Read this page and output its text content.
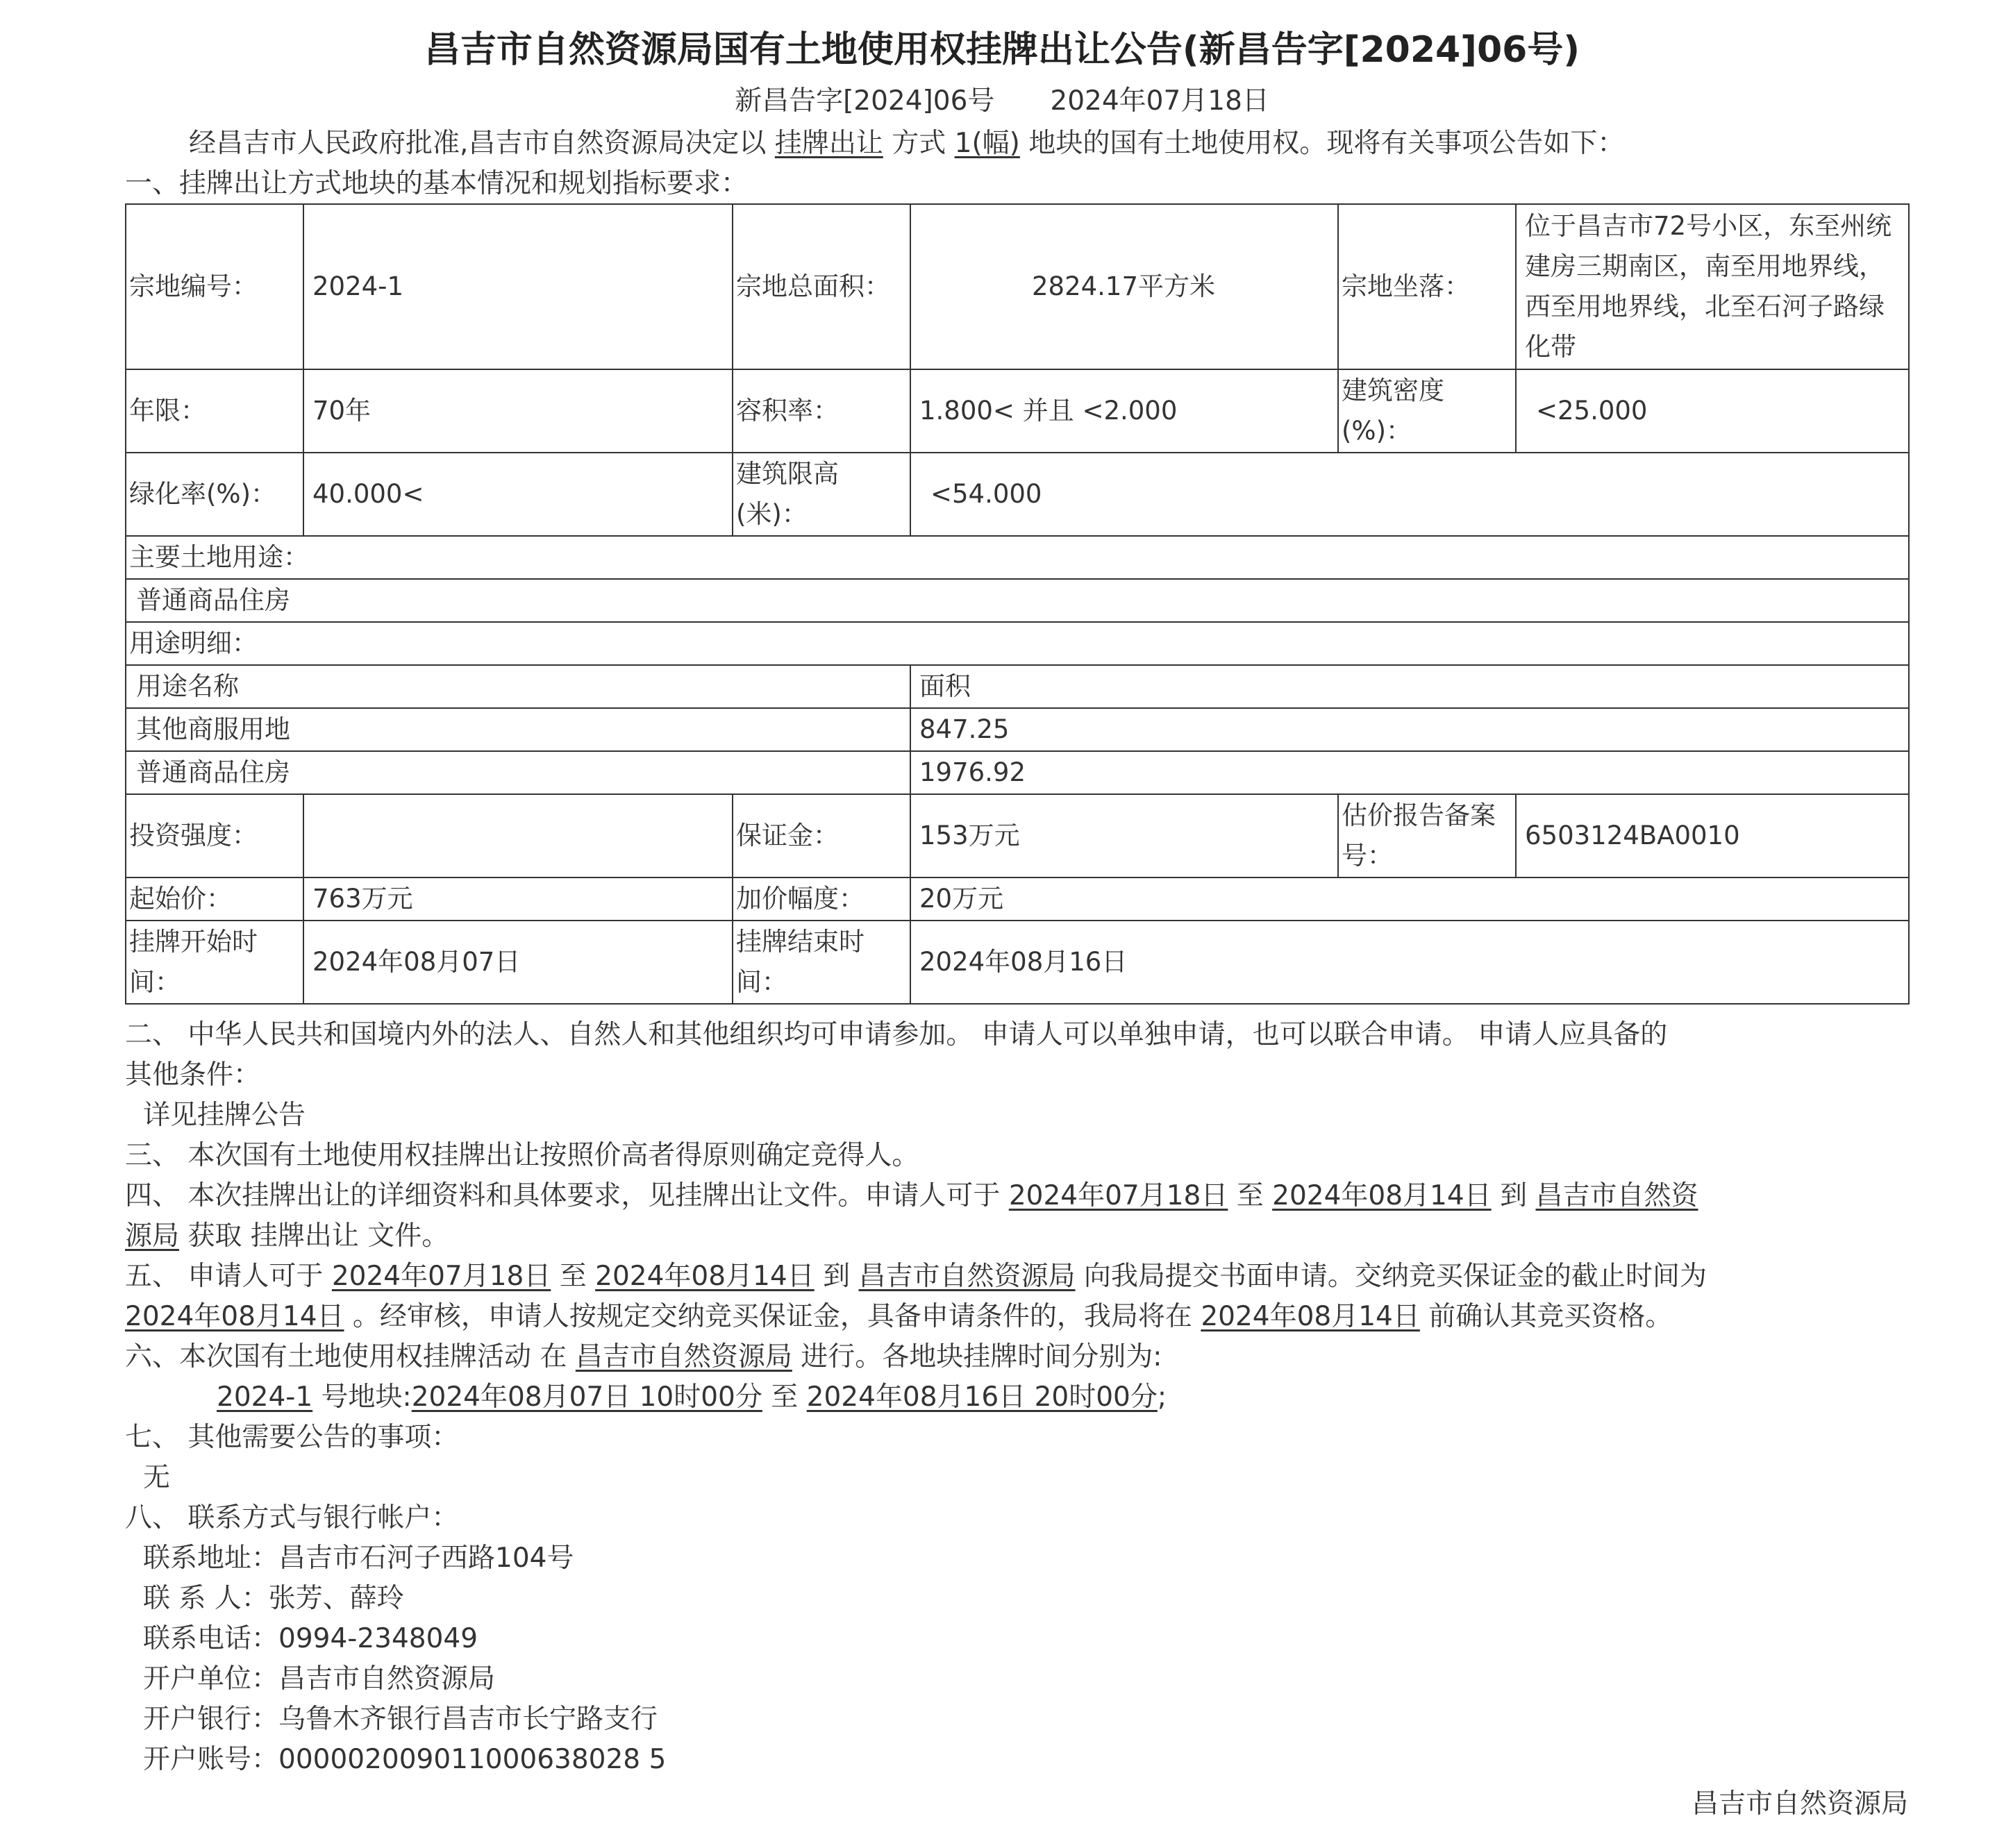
昌吉市自然资源局国有土地使用权挂牌出让公告(新昌告字[2024]06号)
新昌告字[2024]06号 2024年07月18日
经昌吉市人民政府批准,昌吉市自然资源局决定以 挂牌出让 方式 1(幅) 地块的国有土地使用权。现将有关事项公告如下：
一、挂牌出让方式地块的基本情况和规划指标要求：
宗地编号：	2024-1	宗地总面积：	2824.17平方米	宗地坐落：	位于昌吉市72号小区，东至州统建房三期南区，南至用地界线，西至用地界线，北至石河子路绿化带
年限：	70年	容积率：	1.800< 并且 <2.000	建筑密度(%)：	<25.000
绿化率(%)：	40.000<	建筑限高(米)：	<54.000		
主要土地用途：					
普通商品住房					
用途明细：					
用途名称			面积		
其他商服用地			847.25		
普通商品住房			1976.92		
投资强度：		保证金：	153万元	估价报告备案号：	6503124BA0010
起始价：	763万元	加价幅度：	20万元		
挂牌开始时间：	2024年08月07日	挂牌结束时间：	2024年08月16日		
二、 中华人民共和国境内外的法人、自然人和其他组织均可申请参加。 申请人可以单独申请，也可以联合申请。 申请人应具备的
其他条件：
详见挂牌公告
三、 本次国有土地使用权挂牌出让按照价高者得原则确定竞得人。
四、 本次挂牌出让的详细资料和具体要求，见挂牌出让文件。申请人可于 2024年07月18日 至 2024年08月14日 到 昌吉市自然资
源局 获取 挂牌出让 文件。
五、 申请人可于 2024年07月18日 至 2024年08月14日 到 昌吉市自然资源局 向我局提交书面申请。交纳竞买保证金的截止时间为
2024年08月14日 。经审核，申请人按规定交纳竞买保证金，具备申请条件的，我局将在 2024年08月14日 前确认其竞买资格。
六、本次国有土地使用权挂牌活动 在 昌吉市自然资源局 进行。各地块挂牌时间分别为:
2024-1 号地块:2024年08月07日 10时00分 至 2024年08月16日 20时00分;
七、 其他需要公告的事项：
无
八、 联系方式与银行帐户：
联系地址：昌吉市石河子西路104号
联 系 人：张芳、薛玲
联系电话：0994-2348049
开户单位：昌吉市自然资源局
开户银行：乌鲁木齐银行昌吉市长宁路支行
开户账号：000002009011000638028 5
昌吉市自然资源局
